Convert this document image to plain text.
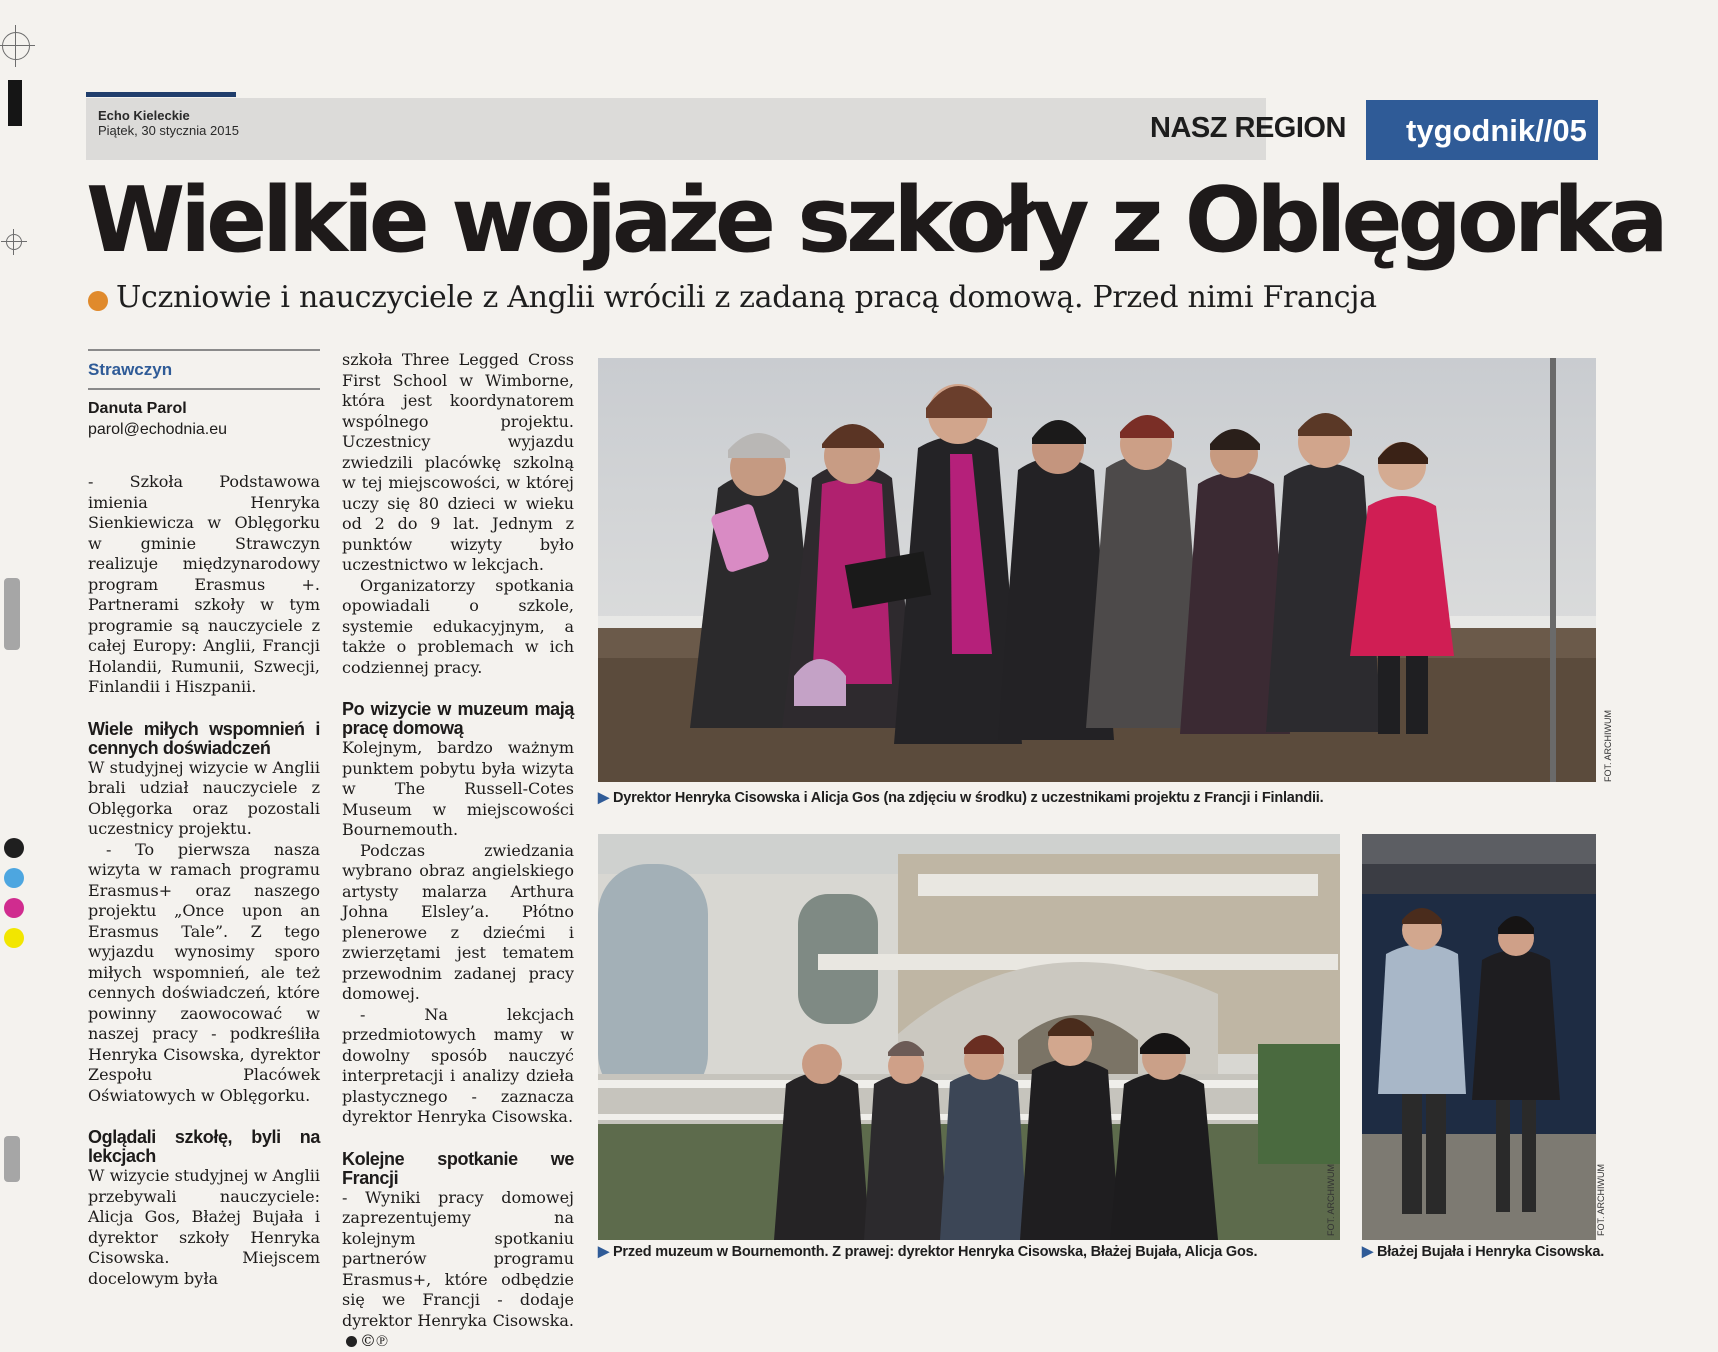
Echo Kieleckie
Piątek, 30 stycznia 2015	NASZ REGION tygodnik//05
Wielkie wojaże szkoły z Oblęgorka
Uczniowie i nauczyciele z Anglii wrócili z zadaną pracą domową. Przed nimi Francja
Strawczyn
Danuta Parol
parol@echodnia.eu

- Szkoła Podstawowa imienia Henryka Sienkiewicza w Oblęgorku w gminie Strawczyn realizuje międzynarodowy program Erasmus +. Partnerami szkoły w tym programie są nauczyciele z całej Europy: Anglii, Francji Holandii, Rumunii, Szwecji, Finlandii i Hiszpanii.

Wiele miłych wspomnień i cennych doświadczeń

W studyjnej wizycie w Anglii brali udział nauczyciele z Oblęgorka oraz pozostali uczestnicy projektu.

- To pierwsza nasza wizyta w ramach programu Erasmus+ oraz naszego projektu „Once upon an Erasmus Tale”. Z tego wyjazdu wynosimy sporo miłych wspomnień, ale też cennych doświadczeń, które powinny zaowocować w naszej pracy - podkreśliła Henryka Cisowska, dyrektor Zespołu Placówek Oświatowych w Oblęgorku.

Oglądali szkołę, byli na lekcjach

W wizycie studyjnej w Anglii przebywali nauczyciele: Alicja Gos, Błażej Bujała i dyrektor szkoły Henryka Cisowska. Miejscem docelowym była

szkoła Three Legged Cross First School w Wimborne, która jest koordynatorem wspólnego projektu. Uczestnicy wyjazdu zwiedzili placówkę szkolną w tej miejscowości, w której uczy się 80 dzieci w wieku od 2 do 9 lat. Jednym z punktów wizyty było uczestnictwo w lekcjach.

Organizatorzy spotkania opowiadali o szkole, systemie edukacyjnym, a także o problemach w ich codziennej pracy.

Po wizycie w muzeum mają pracę domową

Kolejnym, bardzo ważnym punktem pobytu była wizyta w The Russell-Cotes Museum w miejscowości Bournemouth.

Podczas zwiedzania wybrano obraz angielskiego artysty malarza Arthura Johna Elsley’a. Płótno plenerowe z dziećmi i zwierzętami jest tematem przewodnim zadanej pracy domowej.

- Na lekcjach przedmiotowych mamy w dowolny sposób nauczyć interpretacji i analizy dzieła plastycznego - zaznacza dyrektor Henryka Cisowska.

Kolejne spotkanie we Francji

- Wyniki pracy domowej zaprezentujemy na kolejnym spotkaniu partnerów programu Erasmus+, które odbędzie się we Francji - dodaje dyrektor Henryka Cisowska.©℗

FOT. ARCHIWUM
▶ Dyrektor Henryka Cisowska i Alicja Gos (na zdjęciu w środku) z uczestnikami projektu z Francji i Finlandii.
FOT. ARCHIWUM
▶ Przed muzeum w Bournemonth. Z prawej: dyrektor Henryka Cisowska, Błażej Bujała, Alicja Gos.
FOT. ARCHIWUM
▶ Błażej Bujała i Henryka Cisowska.
